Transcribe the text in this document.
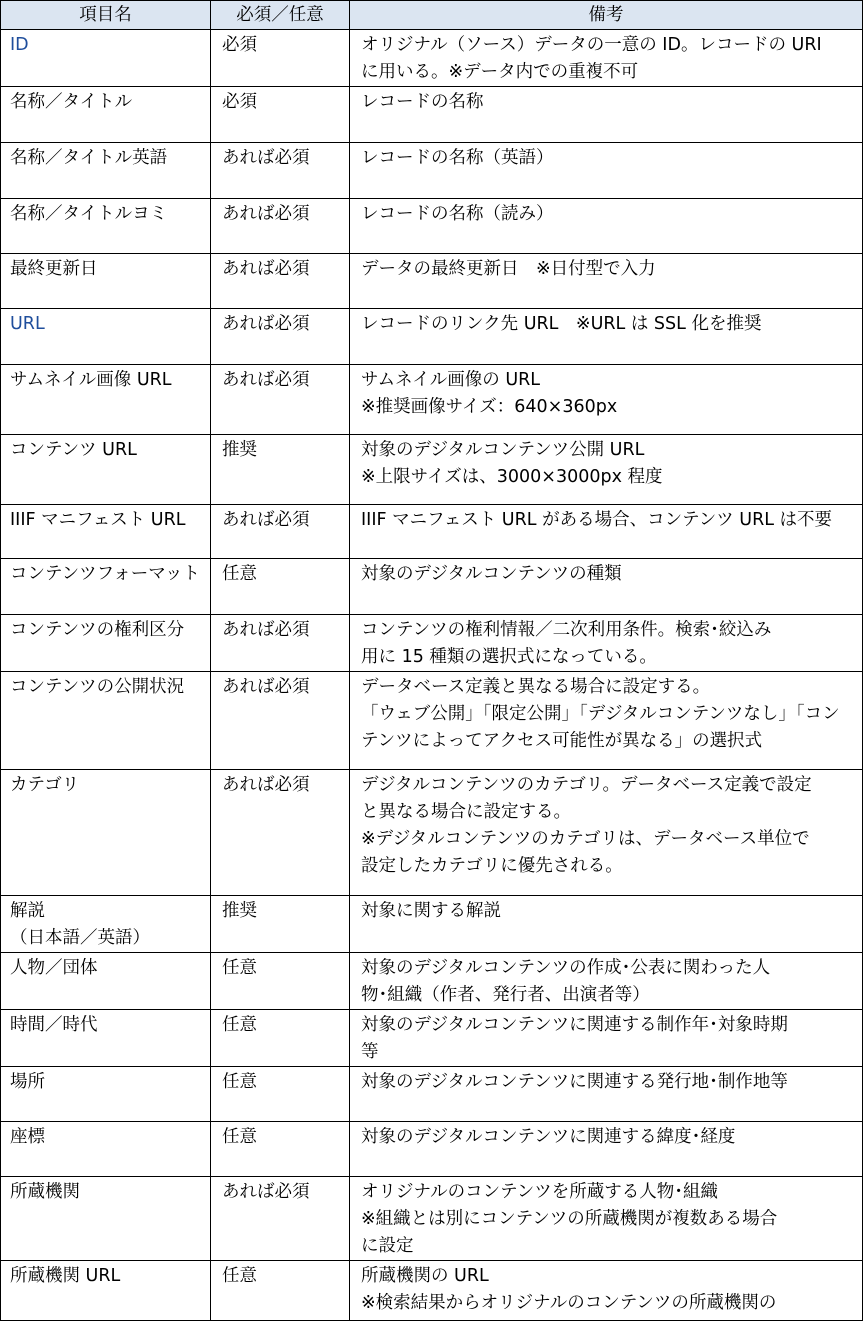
項目名	必須／任意	備考

ID	必須	オリジナル（ソース）データの一意の ID。レコードの URI
に用いる。※データ内での重複不可

名称／タイトル	必須	レコードの名称

名称／タイトル英語	あれば必須	レコードの名称（英語）

名称／タイトルヨミ	あれば必須	レコードの名称（読み）

最終更新日	あれば必須	データの最終更新日　※日付型で入力

URL	あれば必須	レコードのリンク先 URL　※URL は SSL 化を推奨

サムネイル画像 URL	あれば必須	サムネイル画像の URL
※推奨画像サイズ：640×360px

コンテンツ URL	推奨	対象のデジタルコンテンツ公開 URL
※上限サイズは、3000×3000px 程度

IIIF マニフェスト URL	あれば必須	IIIF マニフェスト URL がある場合、コンテンツ URL は不要

コンテンツフォーマット	任意	対象のデジタルコンテンツの種類

コンテンツの権利区分	あれば必須	コンテンツの権利情報／二次利用条件。検索･絞込み
用に 15 種類の選択式になっている。

コンテンツの公開状況	あれば必須	データベース定義と異なる場合に設定する。
「ウェブ公開」「限定公開」「デジタルコンテンツなし」「コン
テンツによってアクセス可能性が異なる」の選択式

カテゴリ	あれば必須	デジタルコンテンツのカテゴリ。データベース定義で設定
と異なる場合に設定する。
※デジタルコンテンツのカテゴリは、データベース単位で
設定したカテゴリに優先される。

解説
（日本語／英語）	推奨	対象に関する解説

人物／団体	任意	対象のデジタルコンテンツの作成･公表に関わった人
物･組織（作者、発行者、出演者等）

時間／時代	任意	対象のデジタルコンテンツに関連する制作年･対象時期
等

場所	任意	対象のデジタルコンテンツに関連する発行地･制作地等

座標	任意	対象のデジタルコンテンツに関連する緯度･経度

所蔵機関	あれば必須	オリジナルのコンテンツを所蔵する人物･組織
※組織とは別にコンテンツの所蔵機関が複数ある場合
に設定

所蔵機関 URL	任意	所蔵機関の URL
※検索結果からオリジナルのコンテンツの所蔵機関の
